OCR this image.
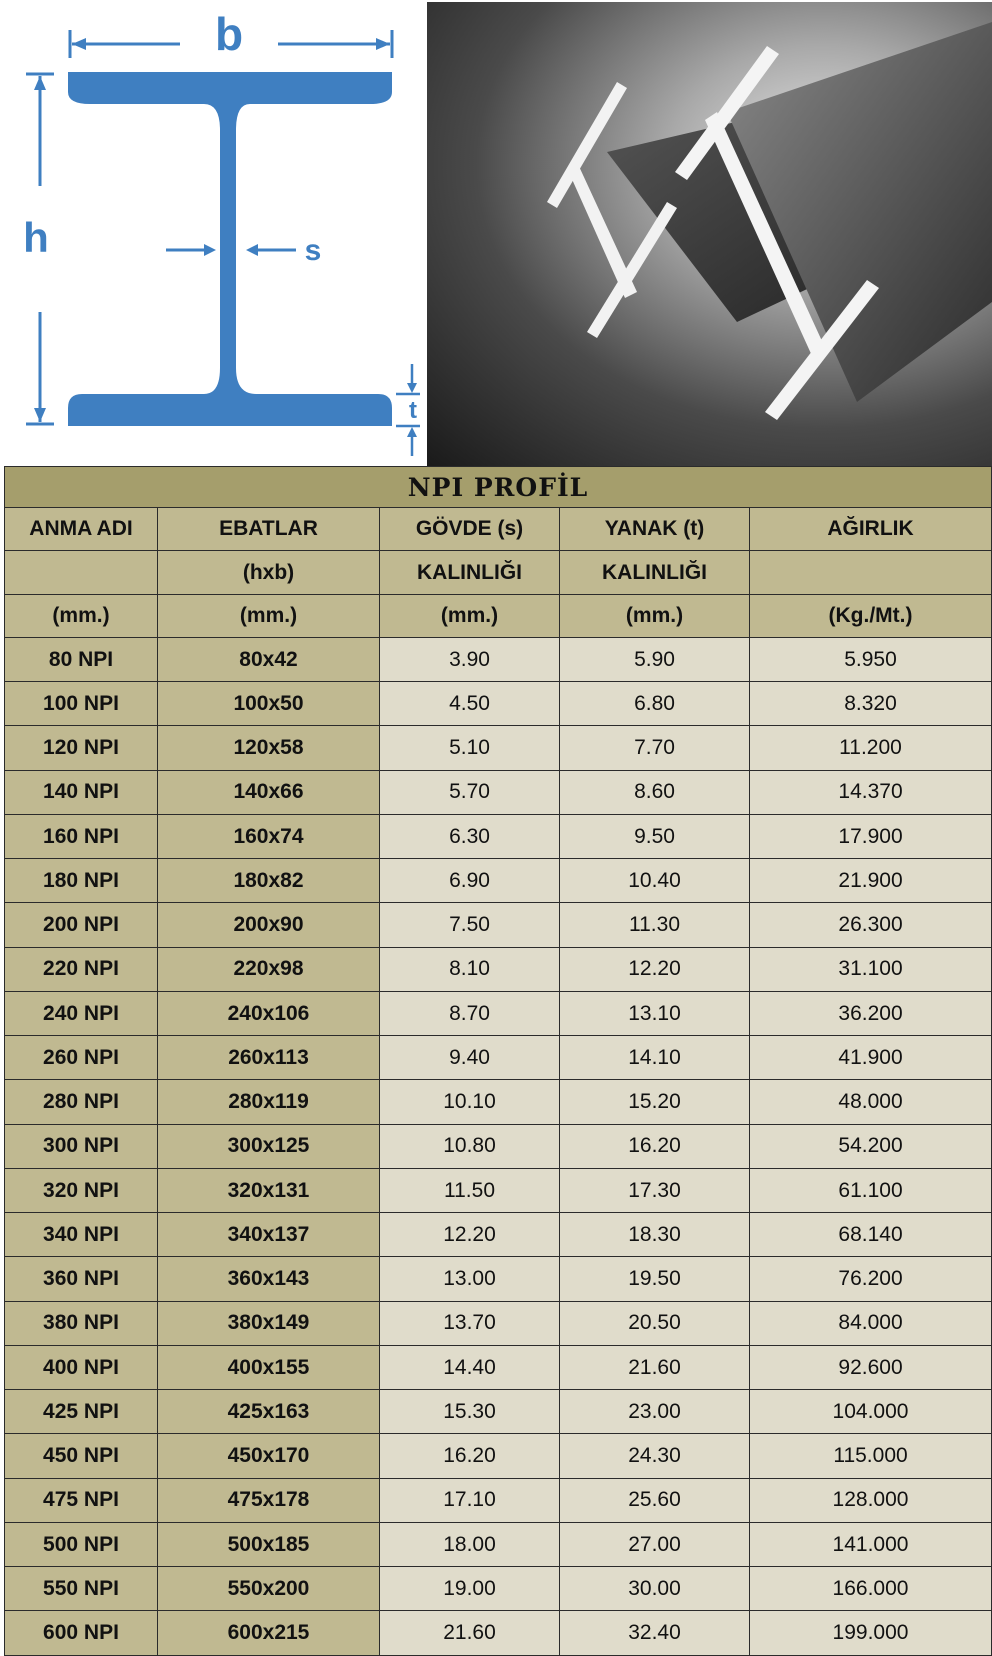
b
h	s
t
NPI PROFİL				
ANMA ADI	EBATLAR	GÖVDE (s)	YANAK (t)	AĞIRLIK
	(hxb)	KALINLIĞI	KALINLIĞI	
(mm.)	(mm.)	(mm.)	(mm.)	(Kg./Mt.)
80 NPI	80x42	3.90	5.90	5.950
100 NPI	100x50	4.50	6.80	8.320
120 NPI	120x58	5.10	7.70	11.200
140 NPI	140x66	5.70	8.60	14.370
160 NPI	160x74	6.30	9.50	17.900
180 NPI	180x82	6.90	10.40	21.900
200 NPI	200x90	7.50	11.30	26.300
220 NPI	220x98	8.10	12.20	31.100
240 NPI	240x106	8.70	13.10	36.200
260 NPI	260x113	9.40	14.10	41.900
280 NPI	280x119	10.10	15.20	48.000
300 NPI	300x125	10.80	16.20	54.200
320 NPI	320x131	11.50	17.30	61.100
340 NPI	340x137	12.20	18.30	68.140
360 NPI	360x143	13.00	19.50	76.200
380 NPI	380x149	13.70	20.50	84.000
400 NPI	400x155	14.40	21.60	92.600
425 NPI	425x163	15.30	23.00	104.000
450 NPI	450x170	16.20	24.30	115.000
475 NPI	475x178	17.10	25.60	128.000
500 NPI	500x185	18.00	27.00	141.000
550 NPI	550x200	19.00	30.00	166.000
600 NPI	600x215	21.60	32.40	199.000
